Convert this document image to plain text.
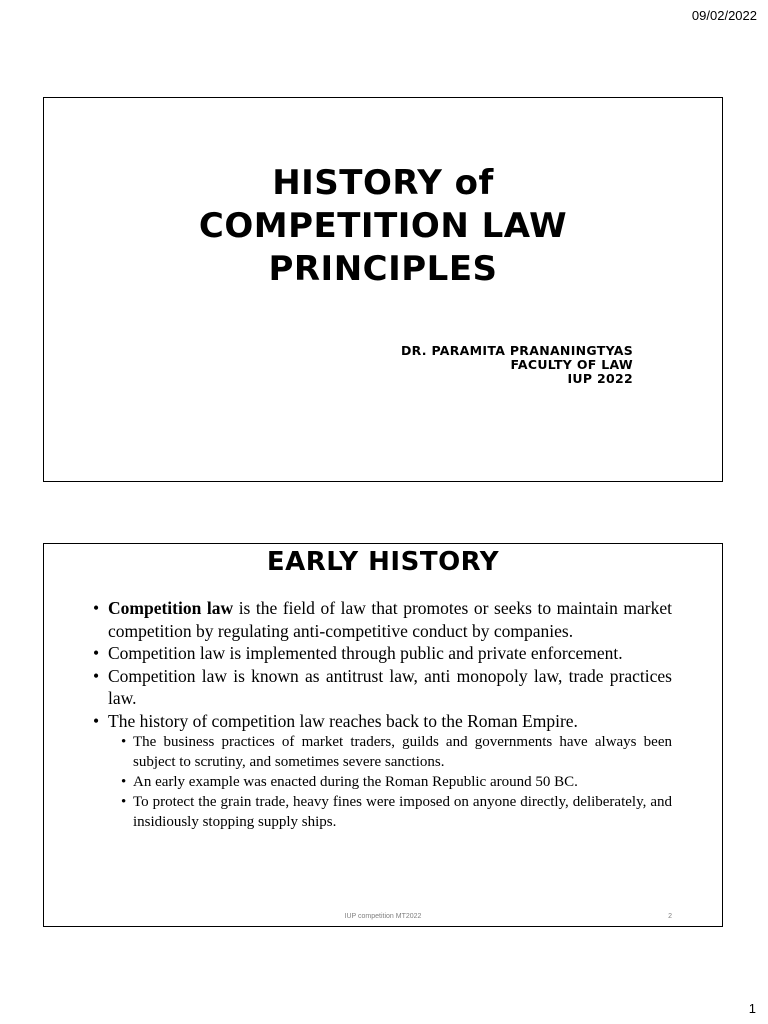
09/02/2022
HISTORY of
COMPETITION LAW
PRINCIPLES
DR. PARAMITA PRANANINGTYAS
FACULTY OF LAW
IUP 2022
EARLY HISTORY
• Competition law is the field of law that promotes or seeks to maintain market competition by regulating anti-competitive conduct by companies.
• Competition law is implemented through public and private enforcement.
• Competition law is known as antitrust law, anti monopoly law, trade practices law.
• The history of competition law reaches back to the Roman Empire.
• The business practices of market traders, guilds and governments have always been subject to scrutiny, and sometimes severe sanctions.
• An early example was enacted during the Roman Republic around 50 BC.
• To protect the grain trade, heavy fines were imposed on anyone directly, deliberately, and insidiously stopping supply ships.
IUP competition MT2022	2
1
